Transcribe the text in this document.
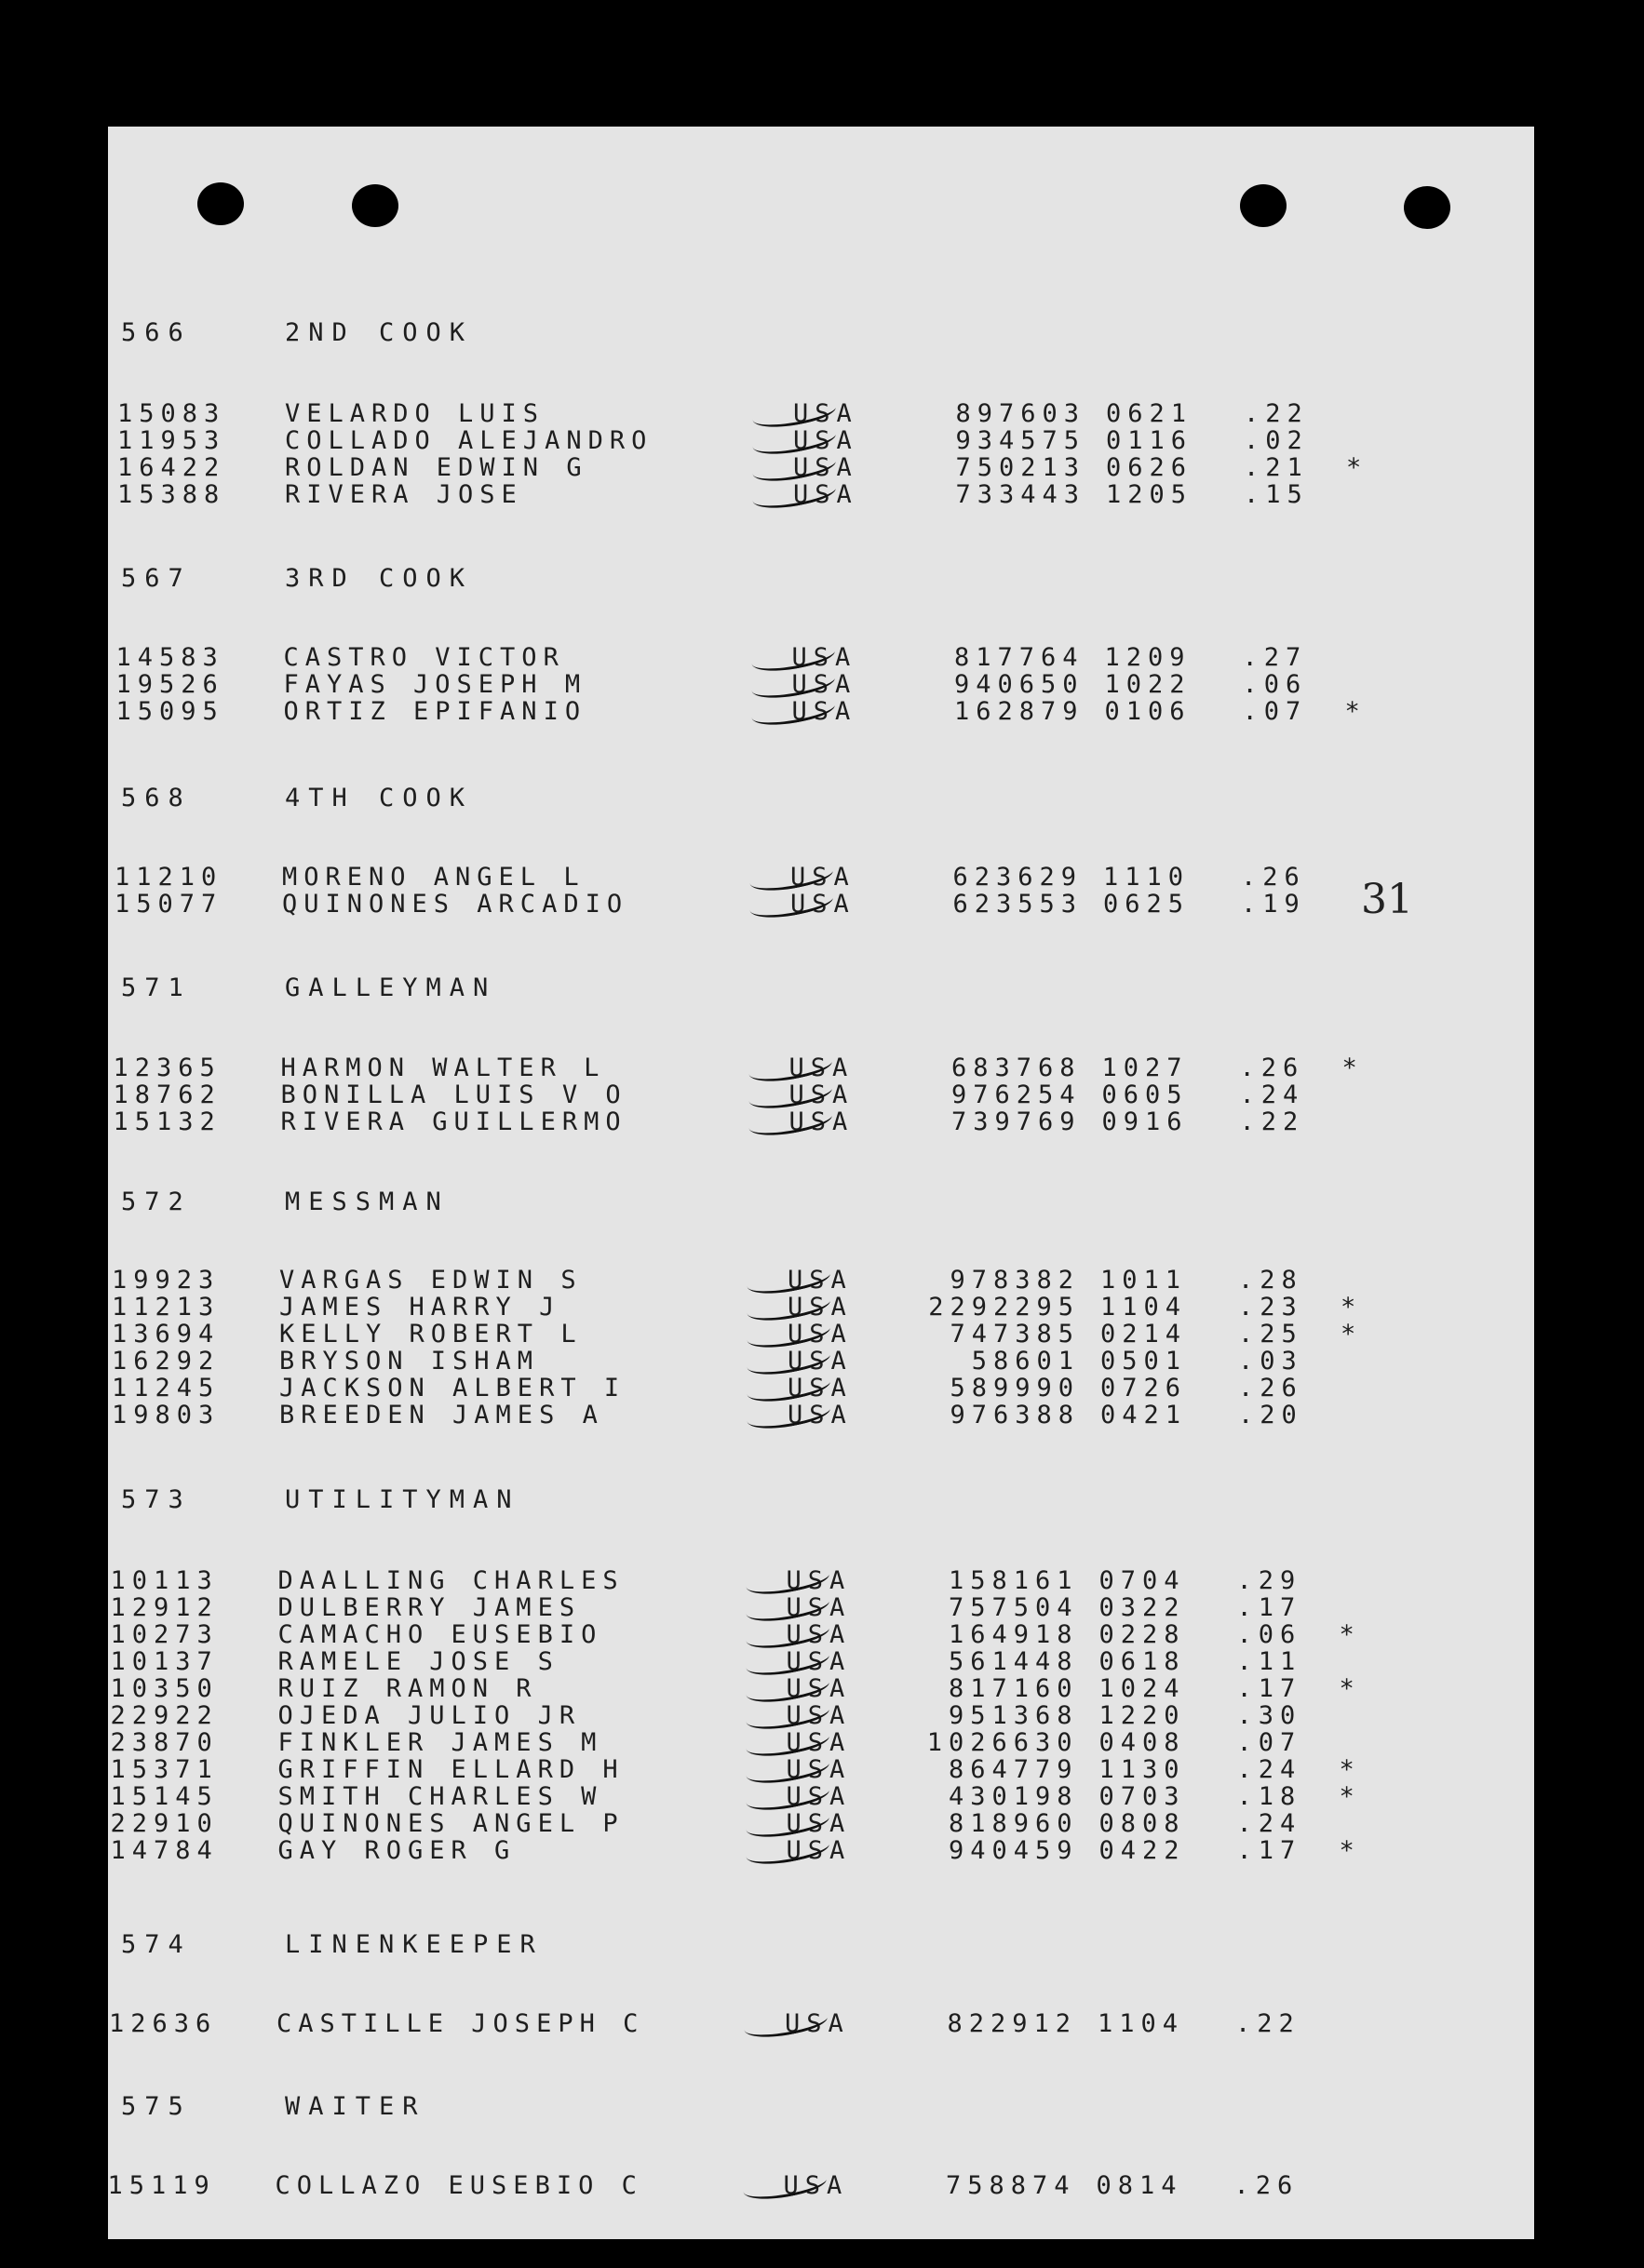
31
566	2ND COOK
15083 VELARDO LUIS	USA	897603 0621 .22
11953 COLLADO ALEJANDRO	USA	934575 0116 .02
16422 ROLDAN EDWIN G	USA	750213 0626 .21 *
15388 RIVERA JOSE	USA	733443 1205 .15
567	3RD COOK
14583 CASTRO VICTOR	USA	817764 1209 .27
19526 FAYAS JOSEPH M	USA	940650 1022 .06
15095 ORTIZ EPIFANIO	USA	162879 0106 .07 *
568	4TH COOK
11210 MORENO ANGEL L	USA	623629 1110 .26
15077 QUINONES ARCADIO	USA	623553 0625 .19
571	GALLEYMAN
12365 HARMON WALTER L	USA	683768 1027 .26 *
18762 BONILLA LUIS V O	USA	976254 0605 .24
15132 RIVERA GUILLERMO	USA	739769 0916 .22
572	MESSMAN
19923 VARGAS EDWIN S	USA	978382 1011 .28
11213 JAMES HARRY J	USA	2292295 1104 .23 *
13694 KELLY ROBERT L	USA	747385 0214 .25 *
16292 BRYSON ISHAM	USA	58601 0501 .03
11245 JACKSON ALBERT I	USA	589990 0726 .26
19803 BREEDEN JAMES A	USA	976388 0421 .20
573	UTILITYMAN
10113 DAALLING CHARLES	USA	158161 0704 .29
12912 DULBERRY JAMES	USA	757504 0322 .17
10273 CAMACHO EUSEBIO	USA	164918 0228 .06 *
10137 RAMELE JOSE S	USA	561448 0618 .11
10350 RUIZ RAMON R	USA	817160 1024 .17 *
22922 OJEDA JULIO JR	USA	951368 1220 .30
23870 FINKLER JAMES M	USA	1026630 0408 .07
15371 GRIFFIN ELLARD H	USA	864779 1130 .24 *
15145 SMITH CHARLES W	USA	430198 0703 .18 *
22910 QUINONES ANGEL P	USA	818960 0808 .24
14784 GAY ROGER G	USA	940459 0422 .17 *
574	LINENKEEPER
12636 CASTILLE JOSEPH C	USA	822912 1104 .22
575	WAITER
15119 COLLAZO EUSEBIO C	USA	758874 0814 .26
